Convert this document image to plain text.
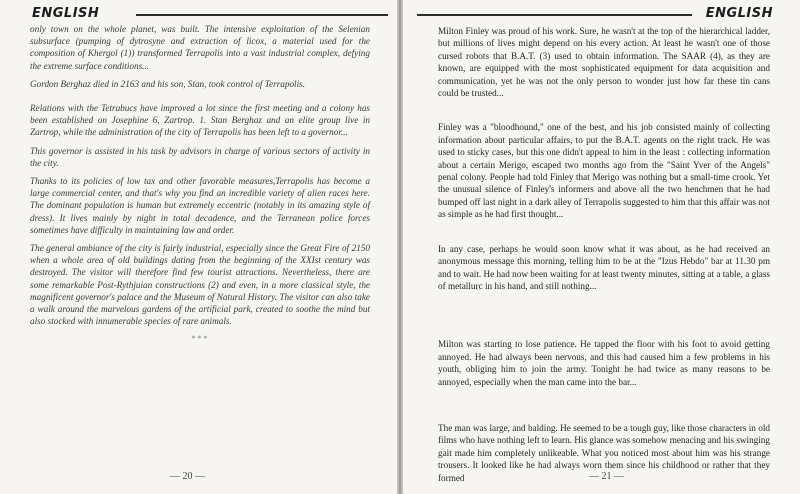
ENGLISH

only town on the whole planet, was built. The intensive exploitation of the Selenian subsurface (pumping of dytrosyne and extraction of licox, a material used for the composition of Khergol (1)) transformed Terrapolis into a vast industrial complex, defying the extreme surface conditions...

Gordon Berghaz died in 2163 and his son, Stan, took control of Terrapolis.

Relations with the Tetrabucs have improved a lot since the first meeting and a colony has been established on Josephine 6, Zartrop. 1. Stan Berghaz and an elite group live in Zartrop, while the administration of the city of Terrapolis has been left to a governor...

This governor is assisted in his task by advisors in charge of various sectors of activity in the city.

Thanks to its policies of low tax and other favorable measures,Terrapolis has become a large commercial center, and that's why you find an incredible variety of alien races here. The dominant population is human but extremely eccentric (notably in its amazing style of dress). It lives mainly by night in total decadence, and the Terranean police forces sometimes have difficulty in maintaining law and order.

The general ambiance of the city is fairly industrial, especially since the Great Fire of 2150 when a whole area of old buildings dating from the beginning of the XXIst century was destroyed. The visitor will therefore find few tourist attractions. Nevertheless, there are some remarkable Post-Rythjuian constructions (2) and even, in a more classical style, the magnificent governor's palace and the Museum of Natural History. The visitor can also take a walk around the marvelous gardens of the artificial park, created to soothe the mind but also stocked with innumerable species of rare animals.

***
— 20 —
ENGLISH

Milton Finley was proud of his work. Sure, he wasn't at the top of the hierarchical ladder, but millions of lives might depend on his every action. At least he wasn't one of those cursed robots that B.A.T. (3) used to obtain information. The SAAR (4), as they are known, are equipped with the most sophisticated equipment for data acquisition and communication, yet he was not the only person to wonder just how far these tin cans could be trusted...

Finley was a "bloodhound," one of the best, and his job consisted mainly of collecting information about particular affairs, to put the B.A.T. agents on the right track. He was used to sticky cases, but this one didn't appeal to him in the least : collecting information about a certain Merigo, escaped two months ago from the "Saint Yver of the Angels" penal colony. People had told Finley that Merigo was nothing but a small-time crook. Yet the unusual silence of Finley's informers and above all the two henchmen that he had bumped off last night in a dark alley of Terrapolis suggested to him that this affair was not as simple as he had first thought...

In any case, perhaps he would soon know what it was about, as he had received an anonymous message this morning, telling him to be at the "Izus Hebdo" bar at 11.30 pm and to wait. He had now been waiting for at least twenty minutes, sitting at a table, a glass of metallurc in his hand, and still nothing...

Milton was starting to lose patience. He tapped the floor with his foot to avoid getting annoyed. He had always been nervous, and this had caused him a few problems in his youth, obliging him to join the army. Tonight he had twice as many reasons to be annoyed, especially when the man came into the bar...

The man was large, and balding. He seemed to be a tough guy, like those characters in old films who have nothing left to learn. His glance was somehow menacing and his swinging gait made him completely unlikeable. What you noticed most about him was his strange trousers. It looked like he had always worn them since his childhood or rather that they formed	— 21 —
